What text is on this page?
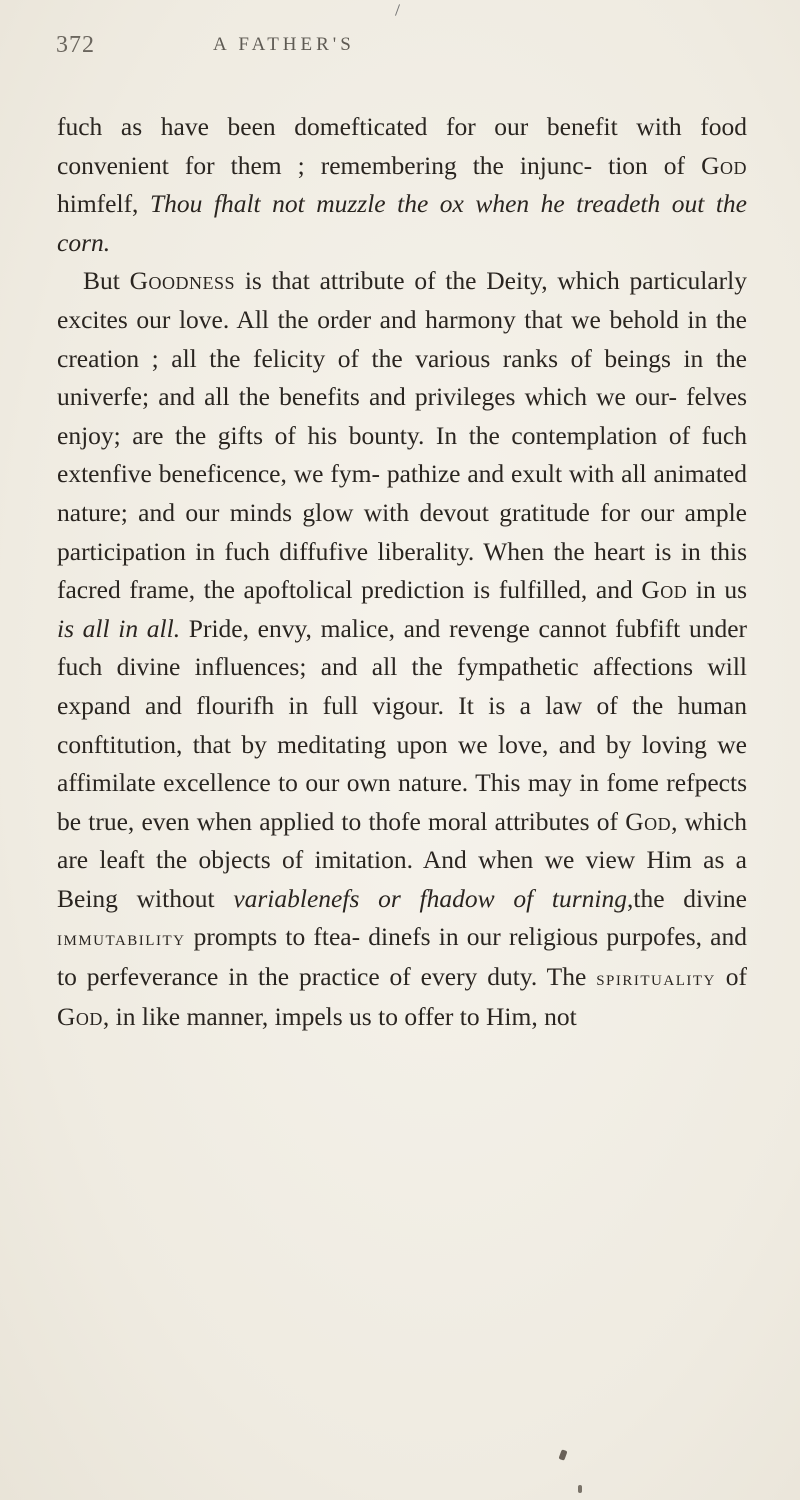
372	A FATHER'S

fuch as have been domefticated for our benefit with food convenient for them ; remembering the injunc- tion of God himfelf, Thou fhalt not muzzle the ox when he treadeth out the corn.

But Goodness is that attribute of the Deity, which particularly excites our love. All the order and harmony that we behold in the creation ; all the felicity of the various ranks of beings in the univerfe; and all the benefits and privileges which we our- felves enjoy; are the gifts of his bounty. In the contemplation of fuch extenfive beneficence, we fym- pathize and exult with all animated nature; and our minds glow with devout gratitude for our ample participation in fuch diffufive liberality. When the heart is in this facred frame, the apoftolical prediction is fulfilled, and God in us is all in all. Pride, envy, malice, and revenge cannot fubfift under fuch divine influences; and all the fympathetic affections will expand and flourifh in full vigour. It is a law of the human conftitution, that by meditating upon we love, and by loving we affimilate excellence to our own nature. This may in fome refpects be true, even when applied to thofe moral attributes of God, which are leaft the objects of imitation. And when we view Him as a Being without variablenefs or fhadow of turning,the divine immutability prompts to ftea- dinefs in our religious purpofes, and to perfeverance in the practice of every duty. The spirituality of God, in like manner, impels us to offer to Him, not
